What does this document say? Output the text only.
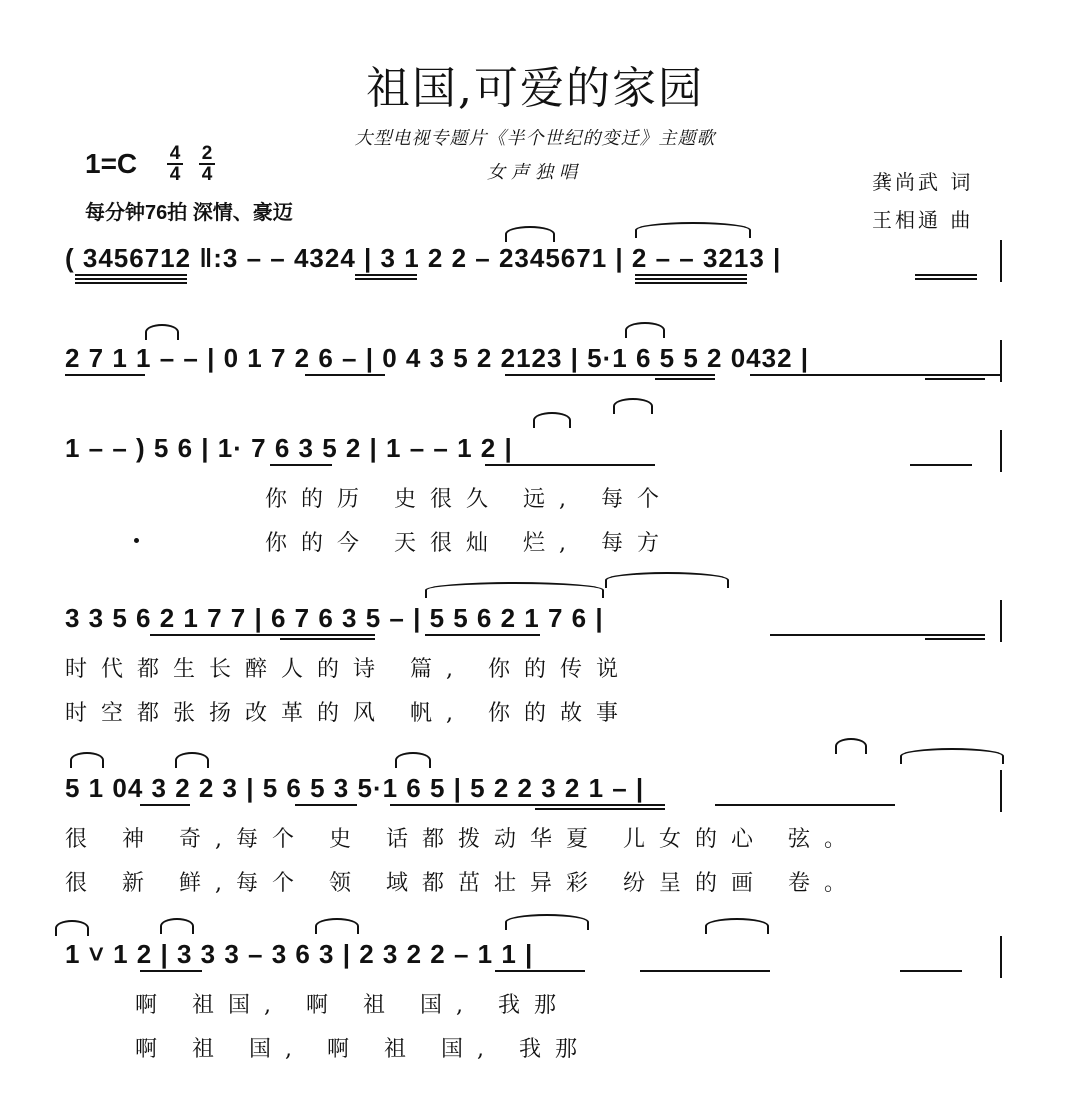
祖国,可爱的家园
大型电视专题片《半个世纪的变迁》主题歌
女声独唱
1=C 4
4
2
4
每分钟76拍 深情、豪迈
龚尚武 词
王相通 曲
( 3456712 ‖:3 – – 4324 | 3 1 2 2 – 2345671 | 2 – – 3213 |
2 7 1 1 – – | 0 1 7 2 6 – | 0 4 3 5 2 2123 | 5·1 6 5 5 2 0432 |
1 – – ) 5 6 | 1· 7 6 3 5 2 | 1 – – 1 2 |
你的历 史很久 远, 每个
你的今 天很灿 烂, 每方
3 3 5 6 2 1 7 7 | 6 7 6 3 5 – | 5 5 6 2 1 7 6 |
时代都生长醉人的诗 篇, 你的传说
时空都张扬改革的风 帆, 你的故事
5 1 04 3 2 2 3 | 5 6 5 3 5·1 6 5 | 5 2 2 3 2 1 – |
很 神 奇,每个 史 话都拨动华夏 儿女的心 弦。
很 新 鲜,每个 领 域都茁壮异彩 纷呈的画 卷。
1 ˅ 1 2 | 3 3 3 – 3 6 3 | 2 3 2 2 – 1 1 |
啊 祖国, 啊 祖 国, 我那
啊 祖 国, 啊 祖 国, 我那
